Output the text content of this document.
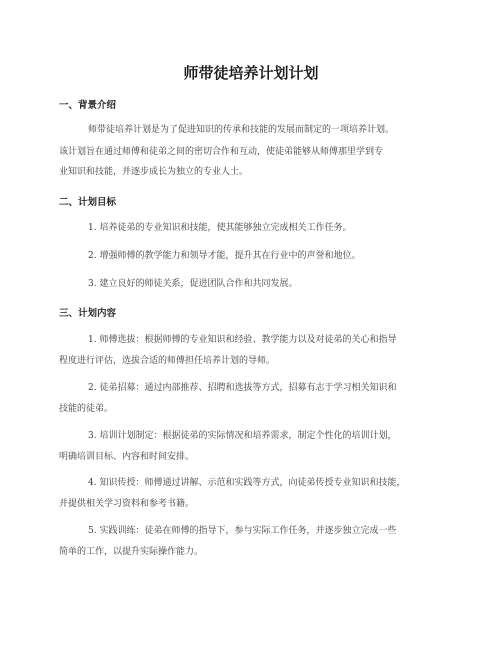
师带徒培养计划计划
一、背景介绍
师带徒培养计划是为了促进知识的传承和技能的发展而制定的一项培养计划。
该计划旨在通过师傅和徒弟之间的密切合作和互动，使徒弟能够从师傅那里学到专
业知识和技能，并逐步成长为独立的专业人士。
二、计划目标
1. 培养徒弟的专业知识和技能，使其能够独立完成相关工作任务。
2. 增强师傅的教学能力和领导才能，提升其在行业中的声誉和地位。
3. 建立良好的师徒关系，促进团队合作和共同发展。
三、计划内容
1. 师傅选拔：根据师傅的专业知识和经验、教学能力以及对徒弟的关心和指导
程度进行评估，选拔合适的师傅担任培养计划的导师。
2. 徒弟招募：通过内部推荐、招聘和选拔等方式，招募有志于学习相关知识和
技能的徒弟。
3. 培训计划制定：根据徒弟的实际情况和培养需求，制定个性化的培训计划，
明确培训目标、内容和时间安排。
4. 知识传授：师傅通过讲解、示范和实践等方式，向徒弟传授专业知识和技能，
并提供相关学习资料和参考书籍。
5. 实践训练：徒弟在师傅的指导下，参与实际工作任务，并逐步独立完成一些
简单的工作，以提升实际操作能力。
